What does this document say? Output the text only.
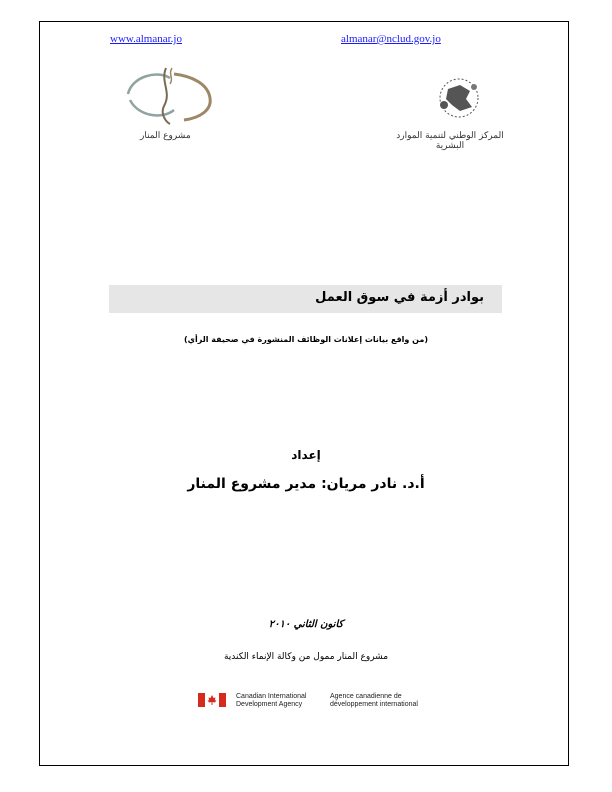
www.almanar.jo	almanar@nclud.gov.jo
مشروع المنار	المركز الوطني لتنمية الموارد البشرية
بوادر أزمة في سوق العمل
(من واقع بيانات إعلانات الوظائف المنشورة في صحيفة الرأي)
إعداد
أ.د. نادر مريان: مدير مشروع المنار
كانون الثاني ٢٠١٠
مشروع المنار ممول من وكالة الإنماء الكندية
Canadian International
Development Agency
Agence canadienne de
développement international
